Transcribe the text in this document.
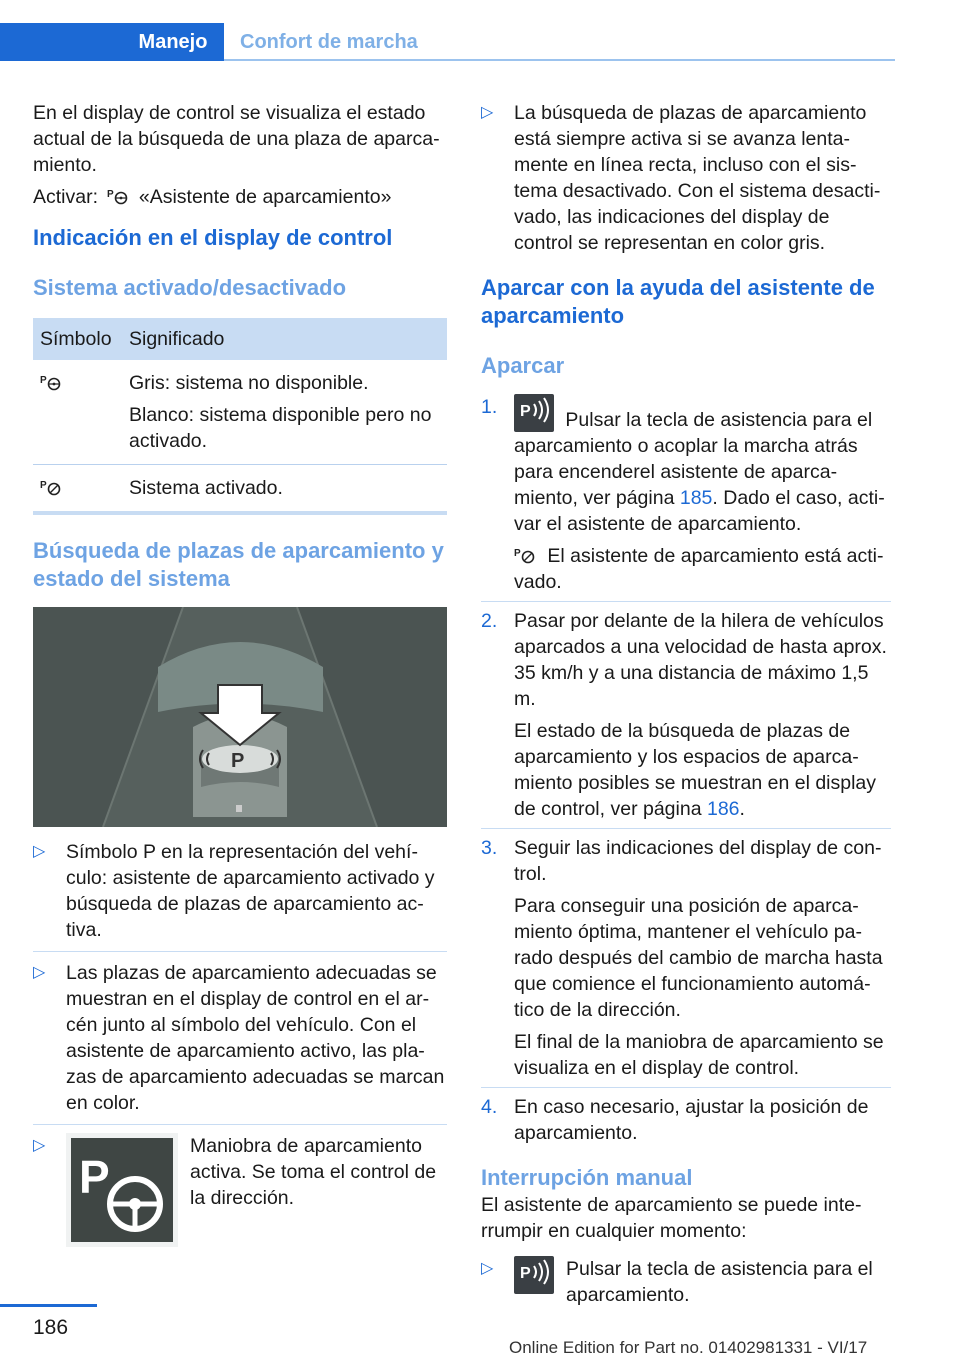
Manejo	Confort de marcha

En el display de control se visualiza el estado actual de la búsqueda de una plaza de aparcamiento.

Activar: P «Asistente de aparcamiento»

Indicación en el display de control
Sistema activado/desactivado
Símbolo	Significado

P	Gris: sistema no disponible.
Blanco: sistema disponible pero no activado.

P	Sistema activado.
Búsqueda de plazas de aparcamiento y estado del sistema
P
▷ Símbolo P en la representación del vehículo: asistente de aparcamiento activado y búsqueda de plazas de aparcamiento activa.
▷ Las plazas de aparcamiento adecuadas se muestran en el display de control en el arcén junto al símbolo del vehículo. Con el asistente de aparcamiento activo, las plazas de aparcamiento adecuadas se marcan en color.
▷
P
Maniobra de aparcamiento activa. Se toma el control de la dirección.
▷ La búsqueda de plazas de aparcamiento está siempre activa si se avanza lentamente en línea recta, incluso con el sistema desactivado. Con el sistema desactivado, las indicaciones del display de control se representan en color gris.
Aparcar con la ayuda del asistente de aparcamiento
Aparcar
1. P Pulsar la tecla de asistencia para el aparcamiento o acoplar la marcha atrás para encenderel asistente de aparcamiento, ver página 185. Dado el caso, activar el asistente de aparcamiento.

P El asistente de aparcamiento está activado.

2. Pasar por delante de la hilera de vehículos aparcados a una velocidad de hasta aprox. 35 km/h y a una distancia de máximo 1,5 m.

El estado de la búsqueda de plazas de aparcamiento y los espacios de aparcamiento posibles se muestran en el display de control, ver página 186.

3. Seguir las indicaciones del display de control.

Para conseguir una posición de aparcamiento óptima, mantener el vehículo parado después del cambio de marcha hasta que comience el funcionamiento automático de la dirección.

El final de la maniobra de aparcamiento se visualiza en el display de control.

4. En caso necesario, ajustar la posición de aparcamiento.
Interrupción manual

El asistente de aparcamiento se puede interrumpir en cualquier momento:

▷ P Pulsar la tecla de asistencia para el aparcamiento.
186
Online Edition for Part no. 01402981331 - VI/17
